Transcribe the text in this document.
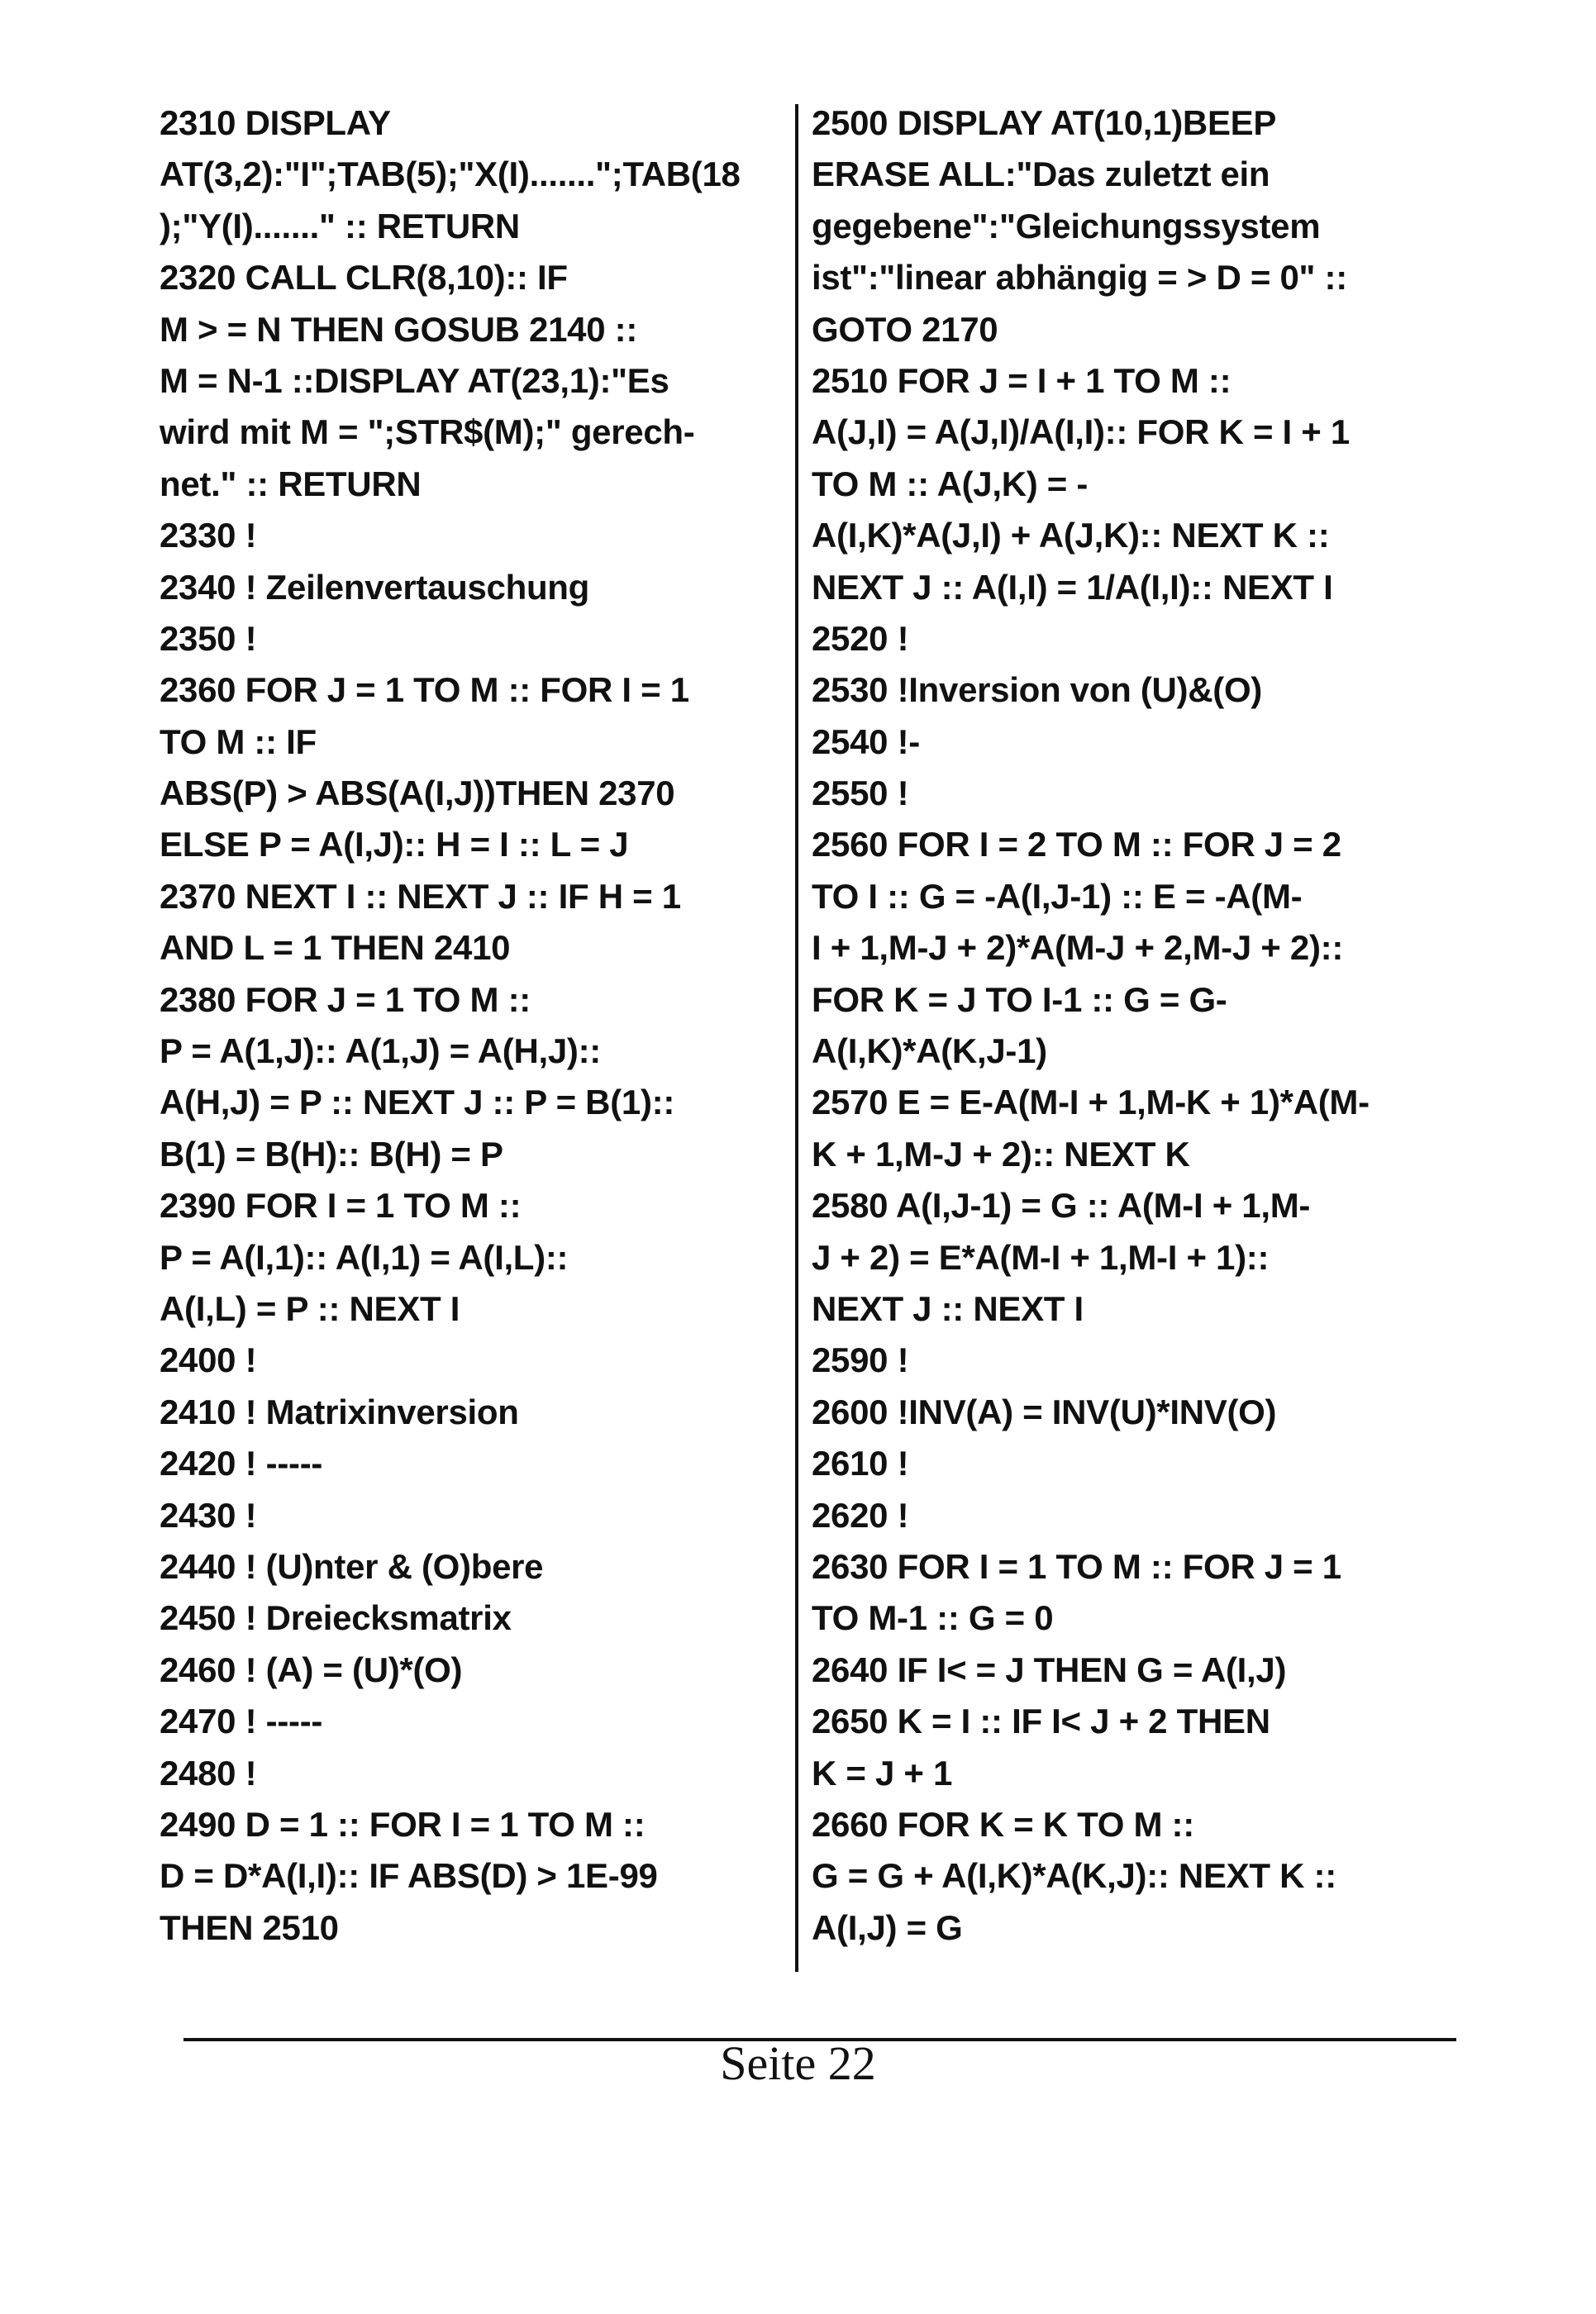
2310 DISPLAY
AT(3,2):"I";TAB(5);"X(I).......";TAB(18
);"Y(I)......." :: RETURN
2320 CALL CLR(8,10):: IF
M > = N THEN GOSUB 2140 ::
M = N-1 ::DISPLAY AT(23,1):"Es
wird mit M = ";STR$(M);" gerech-
net." :: RETURN
2330 !
2340 ! Zeilenvertauschung
2350 !
2360 FOR J = 1 TO M :: FOR I = 1
TO M :: IF
ABS(P) > ABS(A(I,J))THEN 2370
ELSE P = A(I,J):: H = I :: L = J
2370 NEXT I :: NEXT J :: IF H = 1
AND L = 1 THEN 2410
2380 FOR J = 1 TO M ::
P = A(1,J):: A(1,J) = A(H,J)::
A(H,J) = P :: NEXT J :: P = B(1)::
B(1) = B(H):: B(H) = P
2390 FOR I = 1 TO M ::
P = A(I,1):: A(I,1) = A(I,L)::
A(I,L) = P :: NEXT I
2400 !
2410 ! Matrixinversion
2420 ! -----
2430 !
2440 ! (U)nter & (O)bere
2450 ! Dreiecksmatrix
2460 ! (A) = (U)*(O)
2470 ! -----
2480 !
2490 D = 1 :: FOR I = 1 TO M ::
D = D*A(I,I):: IF ABS(D) > 1E-99
THEN 2510
2500 DISPLAY AT(10,1)BEEP
ERASE ALL:"Das zuletzt ein
gegebene":"Gleichungssystem
ist":"linear abhängig = > D = 0" ::
GOTO 2170
2510 FOR J = I + 1 TO M ::
A(J,I) = A(J,I)/A(I,I):: FOR K = I + 1
TO M :: A(J,K) = -
A(I,K)*A(J,I) + A(J,K):: NEXT K ::
NEXT J :: A(I,I) = 1/A(I,I):: NEXT I
2520 !
2530 !Inversion von (U)&(O)
2540 !-
2550 !
2560 FOR I = 2 TO M :: FOR J = 2
TO I :: G = -A(I,J-1) :: E = -A(M-
I + 1,M-J + 2)*A(M-J + 2,M-J + 2)::
FOR K = J TO I-1 :: G = G-
A(I,K)*A(K,J-1)
2570 E = E-A(M-I + 1,M-K + 1)*A(M-
K + 1,M-J + 2):: NEXT K
2580 A(I,J-1) = G :: A(M-I + 1,M-
J + 2) = E*A(M-I + 1,M-I + 1)::
NEXT J :: NEXT I
2590 !
2600 !INV(A) = INV(U)*INV(O)
2610 !
2620 !
2630 FOR I = 1 TO M :: FOR J = 1
TO M-1 :: G = 0
2640 IF I< = J THEN G = A(I,J)
2650 K = I :: IF I< J + 2 THEN
K = J + 1
2660 FOR K = K TO M ::
G = G + A(I,K)*A(K,J):: NEXT K ::
A(I,J) = G
Seite 22
